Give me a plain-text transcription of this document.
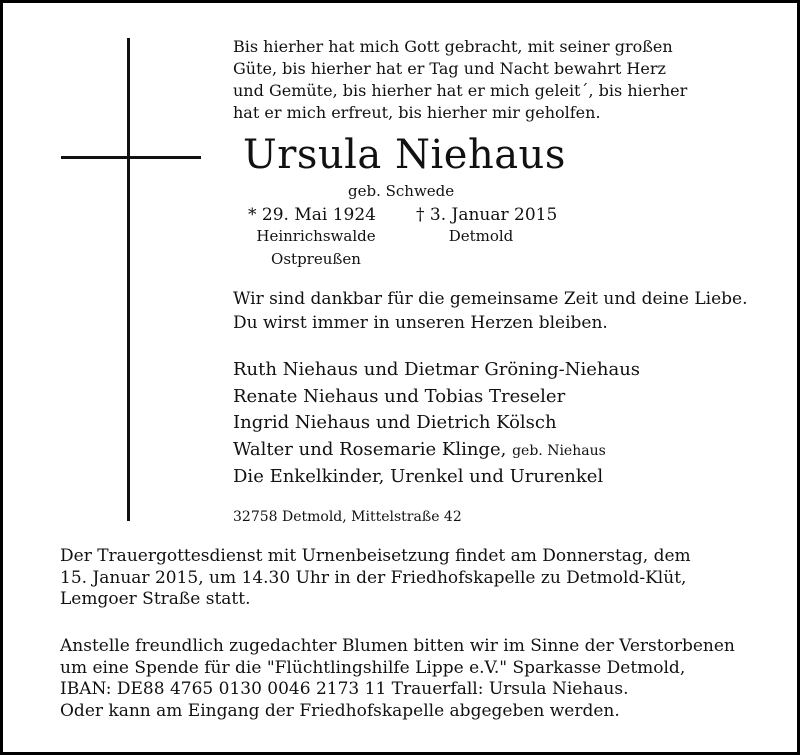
Bis hierher hat mich Gott gebracht, mit seiner großen
Güte, bis hierher hat er Tag und Nacht bewahrt Herz
und Gemüte, bis hierher hat er mich geleit´, bis hierher
hat er mich erfreut, bis hierher mir geholfen.
Ursula Niehaus
geb. Schwede
* 29. Mai 1924 † 3. Januar 2015
Heinrichswalde Ostpreußen
Detmold
Wir sind dankbar für die gemeinsame Zeit und deine Liebe.
Du wirst immer in unseren Herzen bleiben.
Ruth Niehaus und Dietmar Gröning-Niehaus
Renate Niehaus und Tobias Treseler
Ingrid Niehaus und Dietrich Kölsch
Walter und Rosemarie Klinge, geb. Niehaus
Die Enkelkinder, Urenkel und Ururenkel
32758 Detmold, Mittelstraße 42
Der Trauergottesdienst mit Urnenbeisetzung findet am Donnerstag, dem
15. Januar 2015, um 14.30 Uhr in der Friedhofskapelle zu Detmold-Klüt,
Lemgoer Straße statt.
Anstelle freundlich zugedachter Blumen bitten wir im Sinne der Verstorbenen
um eine Spende für die "Flüchtlingshilfe Lippe e.V." Sparkasse Detmold,
IBAN: DE88 4765 0130 0046 2173 11 Trauerfall: Ursula Niehaus.
Oder kann am Eingang der Friedhofskapelle abgegeben werden.
